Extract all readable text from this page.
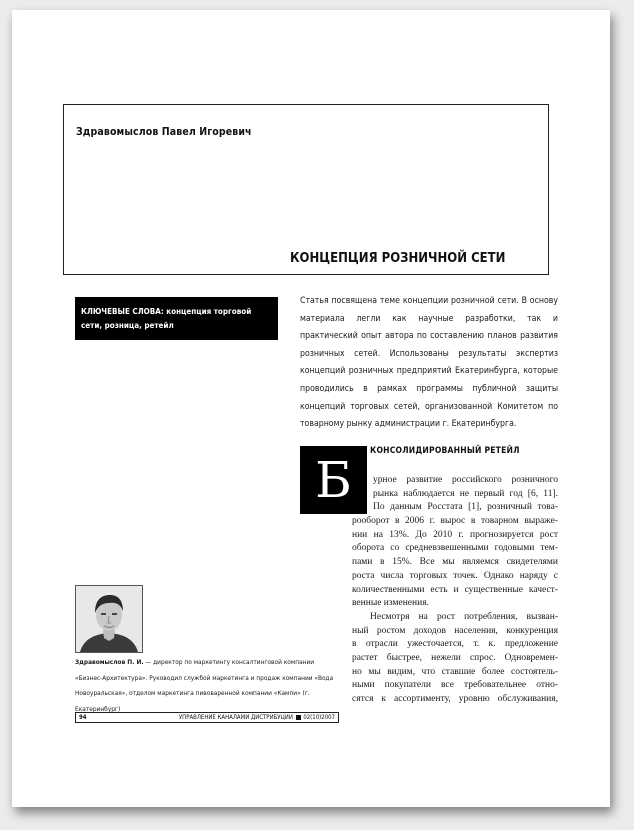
Здравомыслов Павел Игоревич
КОНЦЕПЦИЯ РОЗНИЧНОЙ СЕТИ
КЛЮЧЕВЫЕ СЛОВА: концепция торговой сети, розница, ретейл
Статья посвящена теме концепции розничной сети. В основу материала легли как научные разработки, так и практический опыт автора по составлению планов развития розничных сетей. Использованы результаты экспертиз концепций розничных предприятий Екатеринбурга, которые проводились в рамках программы публичной защиты концепций торговых сетей, организованной Комитетом по товарному рынку администрации г. Екатеринбурга.
Б	КОНСОЛИДИРОВАННЫЙ РЕТЕЙЛ
урное развитие российского розничного
рынка наблюдается не первый год [6, 11].
По данным Росстата [1], розничный това-
рооборот в 2006 г. вырос в товарном выраже-
нии на 13%. До 2010 г. прогнозируется рост
оборота со средневзвешенными годовыми тем-
пами в 15%. Все мы являемся свидетелями
роста числа торговых точек. Однако наряду с
количественными есть и существенные качест-
венные изменения.
Несмотря на рост потребления, вызван-
ный ростом доходов населения, конкуренция
в отрасли ужесточается, т. к. предложение
растет быстрее, нежели спрос. Одновремен-
но мы видим, что ставшие более состоятель-
ными покупатели все требовательнее отно-
сятся к ассортименту, уровню обслуживания,
Здравомыслов П. И. — директор по маркетингу консалтинговой компании «Бизнес-Архитектура». Руководил службой маркетинга и продаж компании «Вода Новоуральская», отделом маркетинга пивоваренной компании «Кампи» (г. Екатеринбург)
94	УПРАВЛЕНИЕ КАНАЛАМИ ДИСТРИБУЦИИ 02(10)2007
